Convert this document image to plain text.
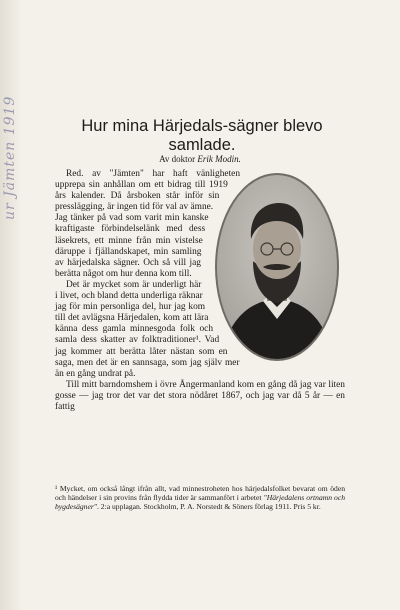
ur Jämten 1919	Hur mina Härjedals-sägner blevo samlade.
Av doktor Erik Modin.

Red. av "Jämten" har haft vänligheten upprepa sin anhållan om ett bidrag till 1919 års kalender. Då årsboken står inför sin presslägging, är ingen tid för val av ämne. Jag tänker på vad som varit min kanske kraftigaste förbindelselänk med dess läsekrets, ett minne från min vistelse däruppe i fjällandskapet, min samling av härjedalska sägner. Och så vill jag berätta något om hur denna kom till.

Det är mycket som är underligt här i livet, och bland detta underliga räknar jag för min personliga del, hur jag kom till det avlägsna Härjedalen, kom att lära känna dess gamla minnesgoda folk och samla dess skatter av folktraditioner¹. Vad jag kommer att berätta låter nästan som en saga, men det är en sannsaga, som jag själv mer än en gång undrat på.

Till mitt barndomshem i övre Ångermanland kom en gång då jag var liten gosse — jag tror det var det stora nödåret 1867, och jag var då 5 år — en fattig

¹ Mycket, om också långt ifrån allt, vad minnestroheten hos härjedalsfolket bevarat om öden och händelser i sin provins från flydda tider är sammanfört i arbetet "Härjedalens ortnamn och bygdesägner". 2:a upplagan. Stockholm, P. A. Norstedt & Söners förlag 1911. Pris 5 kr.
